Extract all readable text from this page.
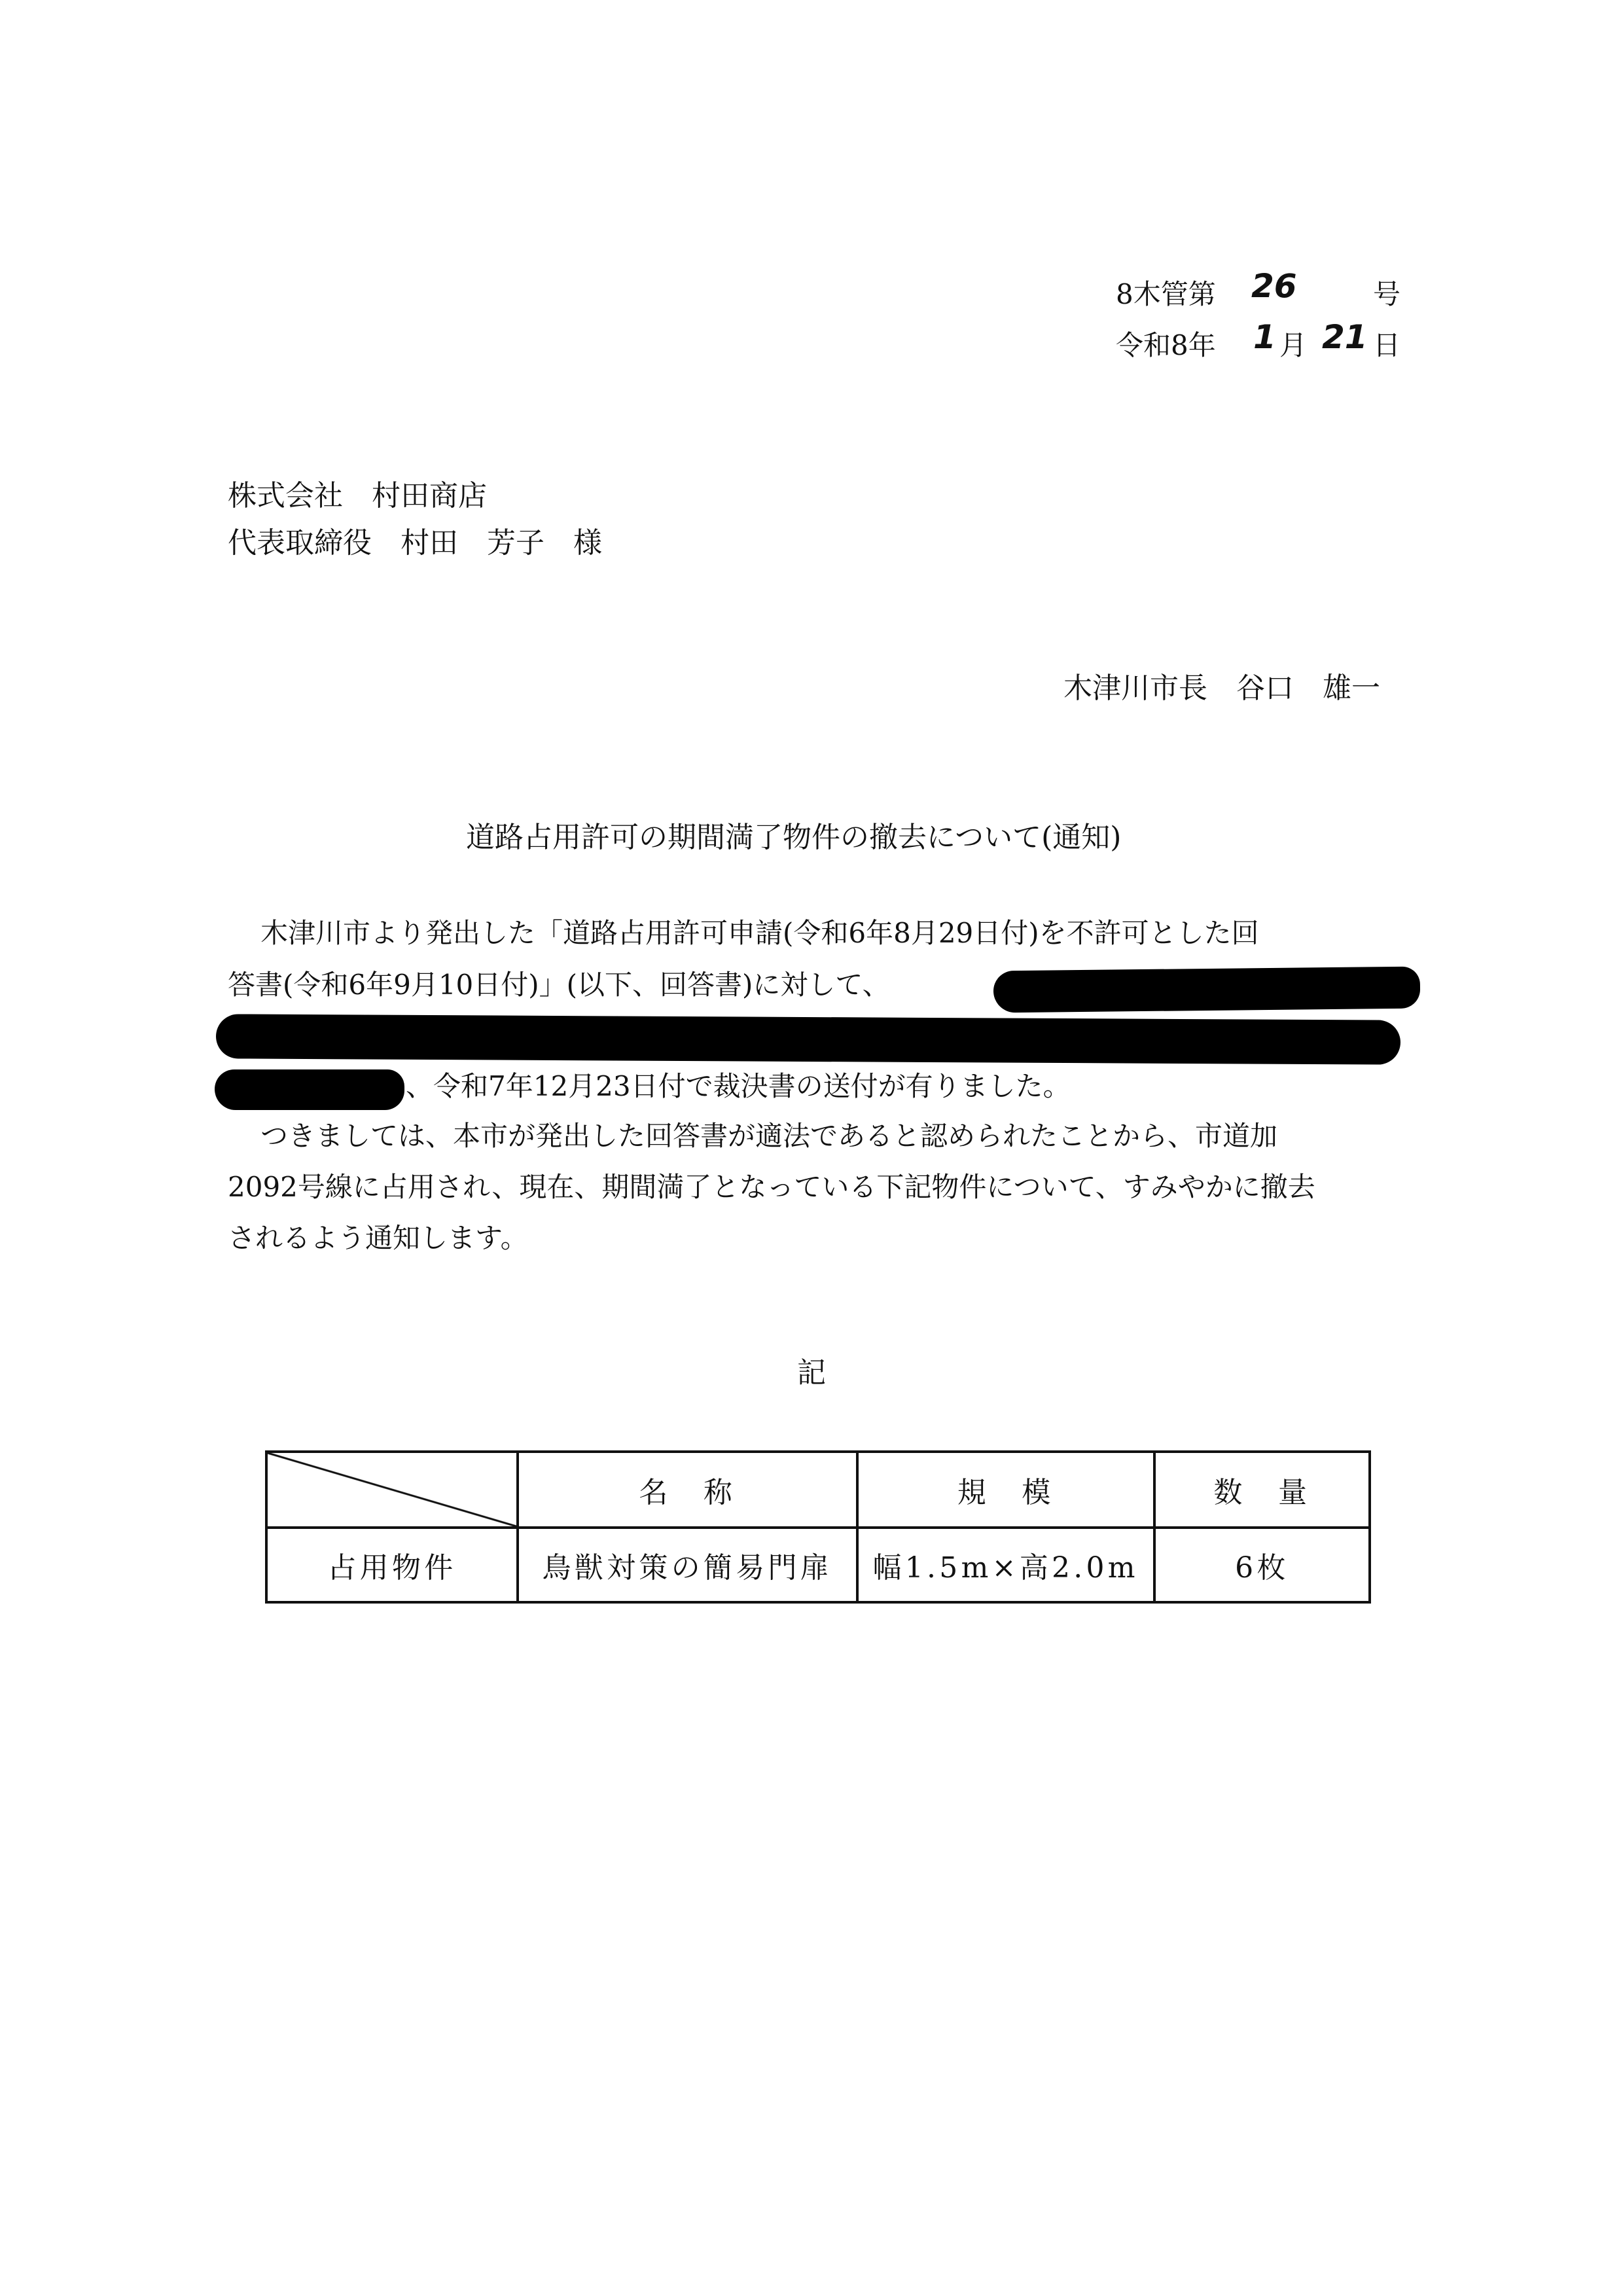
8木管第 26	号
令和8年 1 月 21 日
株式会社　村田商店
代表取締役　村田　芳子　様
木津川市長　谷口　雄一
道路占用許可の期間満了物件の撤去について(通知)
木津川市より発出した「道路占用許可申請(令和6年8月29日付)を不許可とした回
答書(令和6年9月10日付)」(以下、回答書)に対して、
、令和7年12月23日付で裁決書の送付が有りました。
つきましては、本市が発出した回答書が適法であると認められたことから、市道加
2092号線に占用され、現在、期間満了となっている下記物件について、すみやかに撤去
されるよう通知します。
記
	名　称	規　模	数　量
占用物件	鳥獣対策の簡易門扉	幅1.5m×高2.0m	6枚
